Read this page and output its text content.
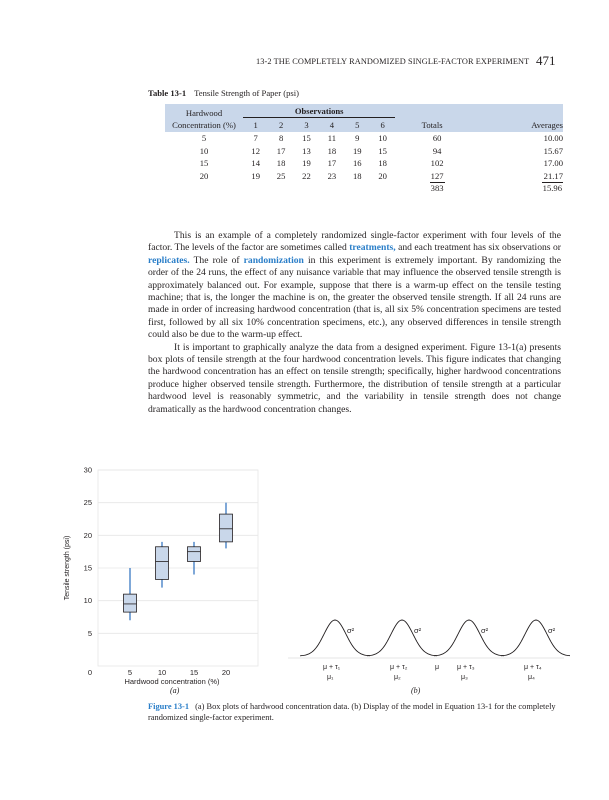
13-2 THE COMPLETELY RANDOMIZED SINGLE-FACTOR EXPERIMENT 471
Table 13-1 Tensile Strength of Paper (psi)
Hardwood	Observations							
Concentration (%)	1	2	3	4	5	6	Totals	Averages
5	7	8	15	11	9	10	60	10.00
10	12	17	13	18	19	15	94	15.67
15	14	18	19	17	16	18	102	17.00
20	19	25	22	23	18	20	127	21.17
							383	15.96

This is an example of a completely randomized single-factor experiment with four levels of the factor. The levels of the factor are sometimes called treatments, and each treatment has six observations or replicates. The role of randomization in this experiment is extremely important. By randomizing the order of the 24 runs, the effect of any nuisance variable that may influence the observed tensile strength is approximately balanced out. For example, suppose that there is a warm-up effect on the tensile testing machine; that is, the longer the machine is on, the greater the observed tensile strength. If all 24 runs are made in order of increasing hardwood concentration (that is, all six 5% concentration specimens are tested first, followed by all six 10% concentration specimens, etc.), any observed differences in tensile strength could also be due to the warm-up effect.

It is important to graphically analyze the data from a designed experiment. Figure 13-1(a) presents box plots of tensile strength at the four hardwood concentration levels. This figure indicates that changing the hardwood concentration has an effect on tensile strength; specifically, higher hardwood concentrations produce higher observed tensile strength. Furthermore, the distribution of tensile strength at a particular hardwood level is reasonably symmetric, and the variability in tensile strength does not change dramatically as the hardwood concentration changes.

5
10
15
20
25
30
0	5	10	15	20
Tensile strength (psi)
Hardwood concentration (%)
(a)
σ²
μ + τ₁
μ₁
σ²
μ + τ₂
μ₂
σ²
μ + τ₃
μ₃
σ²
μ + τ₄
μ₄
μ
(b)
Figure 13-1 (a) Box plots of hardwood concentration data. (b) Display of the model in Equation 13-1 for the completely randomized single-factor experiment.
